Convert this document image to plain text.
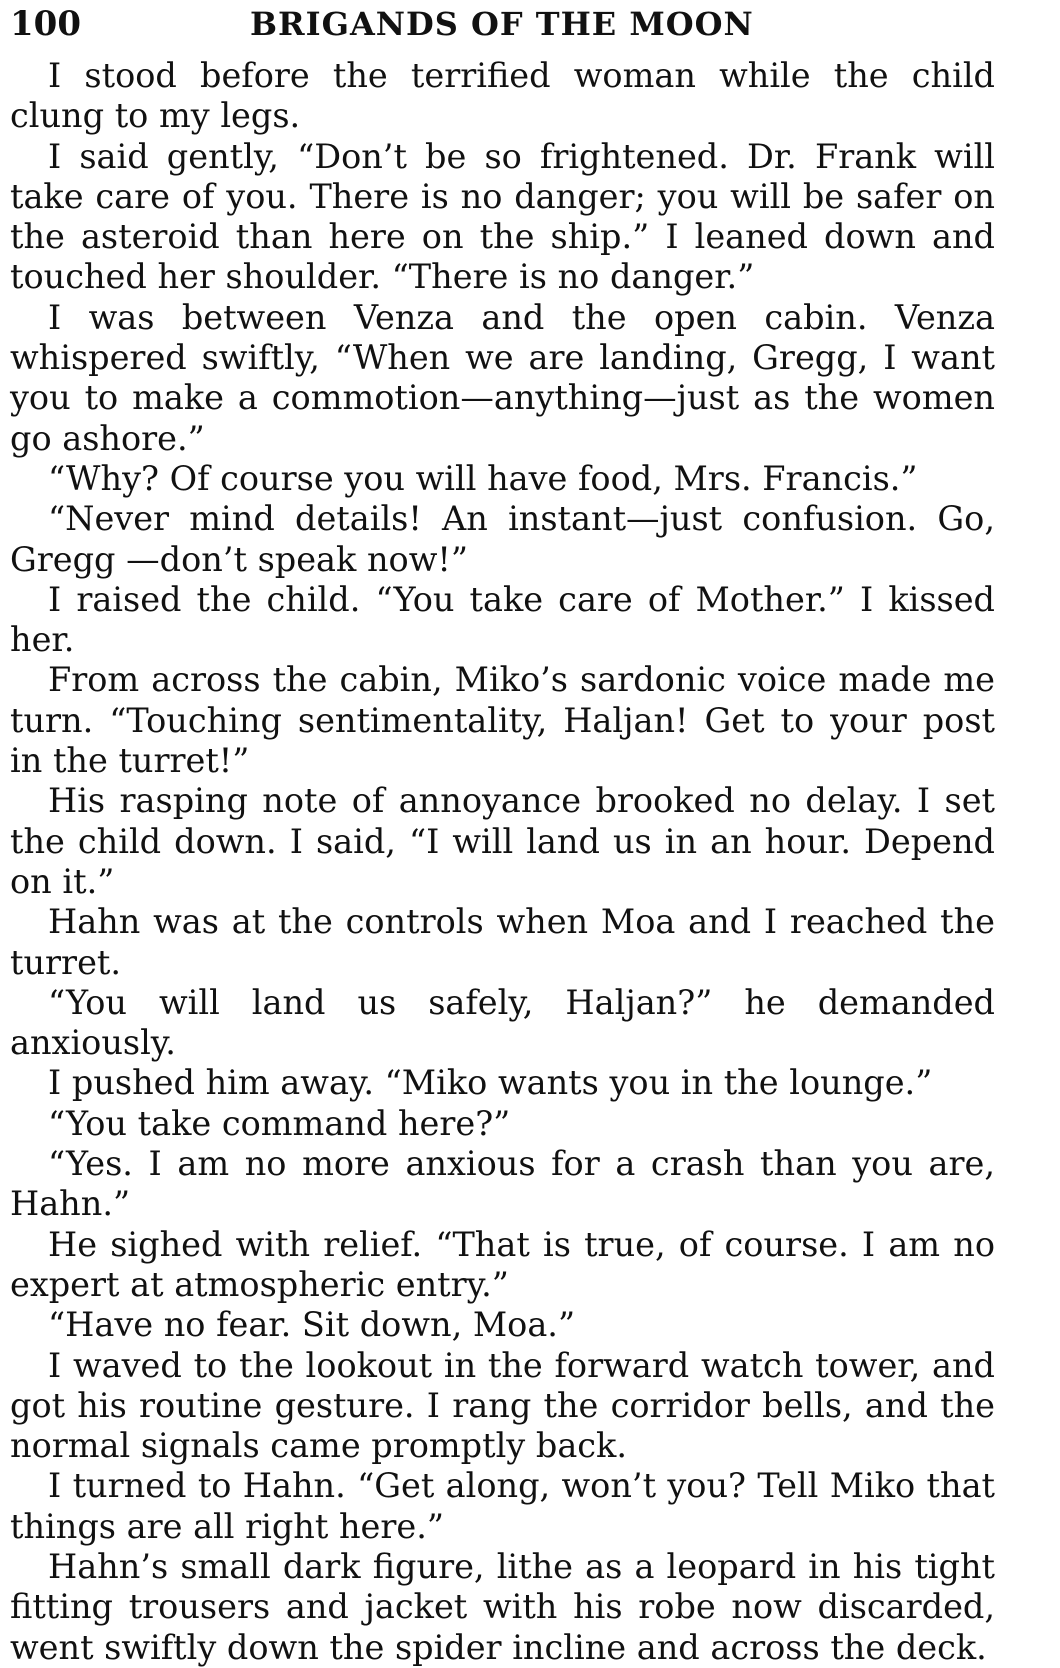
100	BRIGANDS OF THE MOON

I stood before the terrified woman while the child clung to my legs.

I said gently, “Don’t be so frightened. Dr. Frank will take care of you. There is no danger; you will be safer on the asteroid than here on the ship.” I leaned down and touched her shoulder. “There is no danger.”

I was between Venza and the open cabin. Venza whispered swiftly, “When we are landing, Gregg, I want you to make a commotion—anything—just as the women go ashore.”

“Why? Of course you will have food, Mrs. Francis.”

“Never mind details! An instant—just confusion. Go, Gregg —don’t speak now!”

I raised the child. “You take care of Mother.” I kissed her.

From across the cabin, Miko’s sardonic voice made me turn. “Touching sentimentality, Haljan! Get to your post in the turret!”

His rasping note of annoyance brooked no delay. I set the child down. I said, “I will land us in an hour. Depend on it.”

Hahn was at the controls when Moa and I reached the turret.

“You will land us safely, Haljan?” he demanded anxiously.

I pushed him away. “Miko wants you in the lounge.”

“You take command here?”

“Yes. I am no more anxious for a crash than you are, Hahn.”

He sighed with relief. “That is true, of course. I am no expert at atmospheric entry.”

“Have no fear. Sit down, Moa.”

I waved to the lookout in the forward watch tower, and got his routine gesture. I rang the corridor bells, and the normal signals came promptly back.

I turned to Hahn. “Get along, won’t you? Tell Miko that things are all right here.”

Hahn’s small dark figure, lithe as a leopard in his tight fitting trousers and jacket with his robe now discarded, went swiftly down the spider incline and across the deck.
